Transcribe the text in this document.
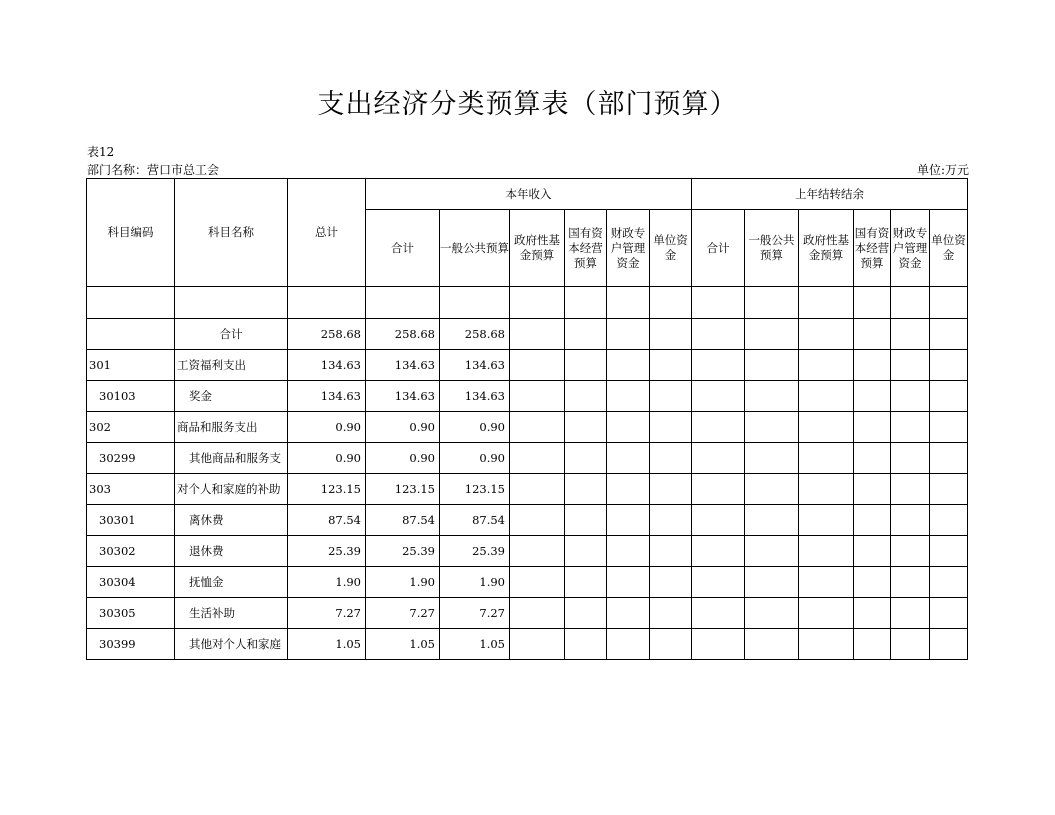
支出经济分类预算表（部门预算）
表12
部门名称：营口市总工会	单位:万元
科目编码	科目名称	总计	本年收入						上年结转结余					
			合计	一般公共预算	政府性基金预算	国有资本经营预算	财政专户管理资金	单位资金	合计	一般公共预算	政府性基金预算	国有资本经营预算	财政专户管理资金	单位资金

	合计	258.68	258.68	258.68										
301	工资福利支出	134.63	134.63	134.63										
30103	奖金	134.63	134.63	134.63										
302	商品和服务支出	0.90	0.90	0.90										
30299	其他商品和服务支	0.90	0.90	0.90										
303	对个人和家庭的补助	123.15	123.15	123.15										
30301	离休费	87.54	87.54	87.54										
30302	退休费	25.39	25.39	25.39										
30304	抚恤金	1.90	1.90	1.90										
30305	生活补助	7.27	7.27	7.27										
30399	其他对个人和家庭	1.05	1.05	1.05										
